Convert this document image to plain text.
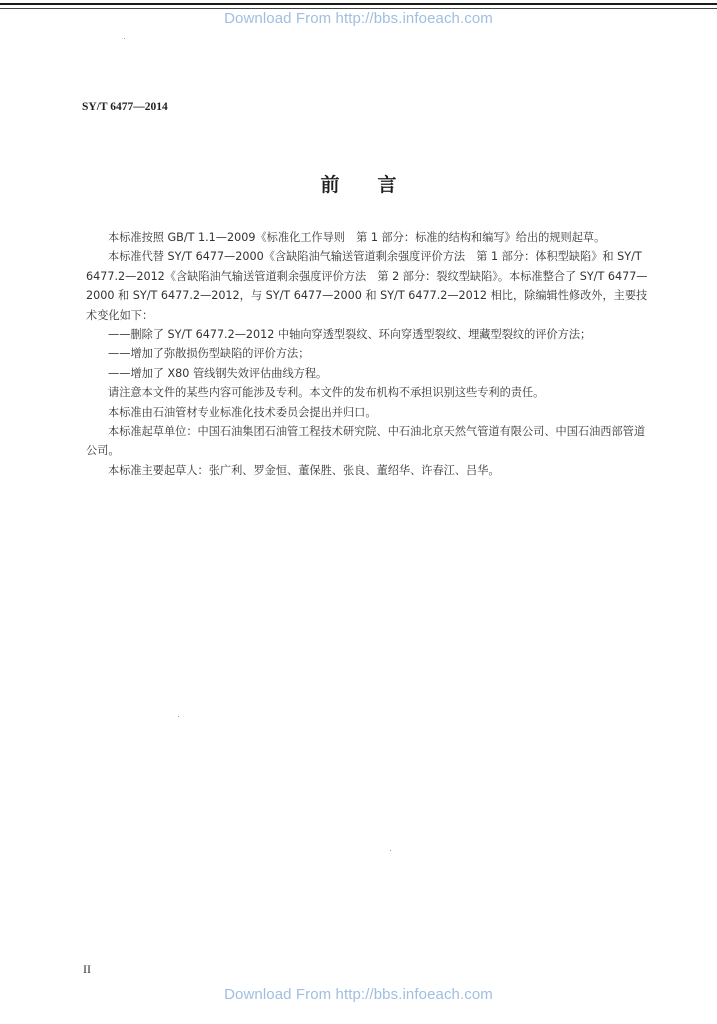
Download From http://bbs.infoeach.com
SY/T 6477—2014
前言

本标准按照 GB/T 1.1—2009《标准化工作导则　第 1 部分：标准的结构和编写》给出的规则起草。

本标准代替 SY/T 6477—2000《含缺陷油气输送管道剩余强度评价方法　第 1 部分：体积型缺陷》和 SY/T 6477.2—2012《含缺陷油气输送管道剩余强度评价方法　第 2 部分：裂纹型缺陷》。本标准整合了 SY/T 6477—2000 和 SY/T 6477.2—2012，与 SY/T 6477—2000 和 SY/T 6477.2—2012 相比，除编辑性修改外，主要技术变化如下：

——删除了 SY/T 6477.2—2012 中轴向穿透型裂纹、环向穿透型裂纹、埋藏型裂纹的评价方法；

——增加了弥散损伤型缺陷的评价方法；

——增加了 X80 管线钢失效评估曲线方程。

请注意本文件的某些内容可能涉及专利。本文件的发布机构不承担识别这些专利的责任。

本标准由石油管材专业标准化技术委员会提出并归口。

本标准起草单位：中国石油集团石油管工程技术研究院、中石油北京天然气管道有限公司、中国石油西部管道公司。

本标准主要起草人：张广利、罗金恒、董保胜、张良、董绍华、许春江、吕华。

II
Download From http://bbs.infoeach.com
